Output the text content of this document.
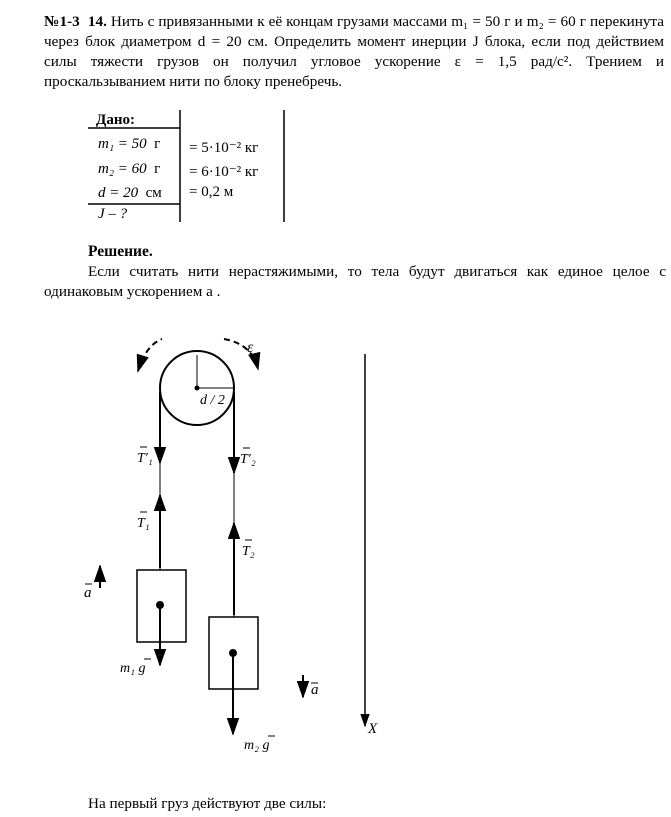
№1-3 14. Нить с привязанными к её концам грузами массами m₁ = 50 г и m₂ = 60 г перекинута через блок диаметром d = 20 см. Определить момент инерции J блока, если под действием силы тяжести грузов он получил угловое ускорение ε = 1,5 рад/с². Трением и проскальзыванием нити по блоку пренебречь.
Дано:
m₁ = 50 г
m₂ = 60 г
d = 20 см
J – ?
= 5·10⁻² кг
= 6·10⁻² кг
= 0,2 м
Решение.
Если считать нити нерастяжимыми, то тела будут двигаться как единое целое с одинаковым ускорением a .
ε
d / 2
T′₁	T′₂
T₁
T₂
a
a
m₁ g
m₂ g
X
На первый груз действуют две силы:
